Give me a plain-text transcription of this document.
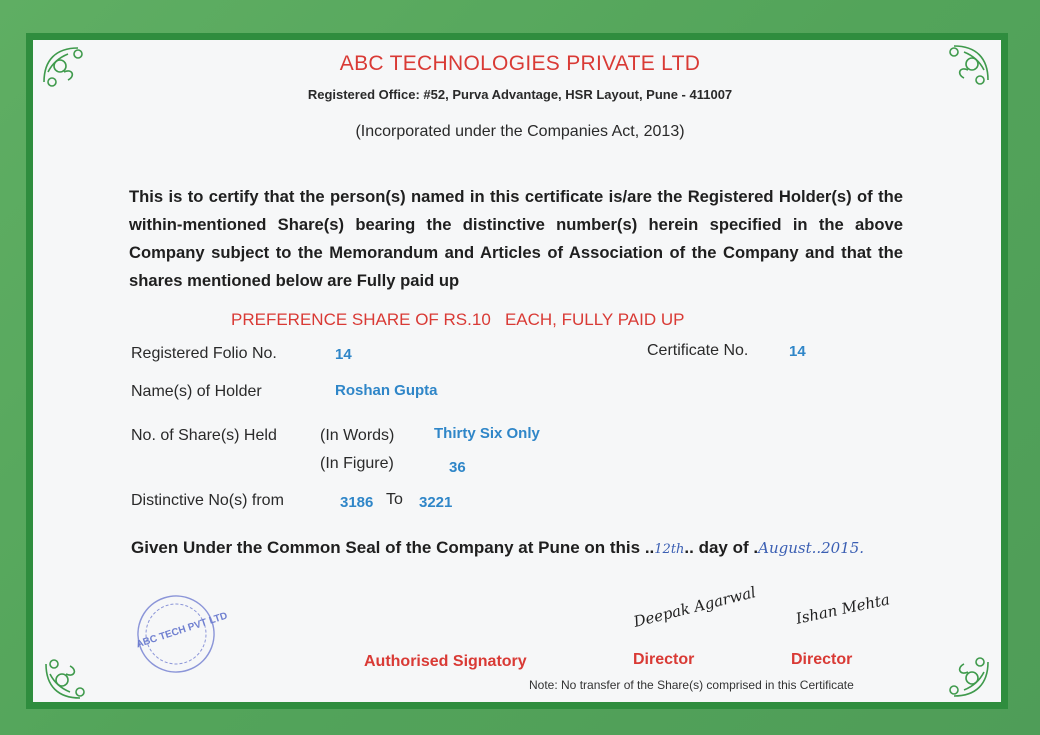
ABC TECHNOLOGIES PRIVATE LTD
Registered Office: #52, Purva Advantage, HSR Layout, Pune - 411007
(Incorporated under the Companies Act, 2013)
This is to certify that the person(s) named in this certificate is/are the Registered Holder(s) of the within-mentioned Share(s) bearing the distinctive number(s) herein specified in the above Company subject to the Memorandum and Articles of Association of the Company and that the shares mentioned below are Fully paid up
PREFERENCE SHARE OF RS.10   EACH, FULLY PAID UP
Registered Folio No.	14	Certificate No.	14
Name(s) of Holder	Roshan Gupta
No. of Share(s) Held	(In Words)	Thirty Six Only
(In Figure)	36
Distinctive No(s) from	3186 To 3221
Given Under the Common Seal of the Company at Pune on this ..12th.. day of .August..2015.
ABC TECH PVT LTD	Deepak Agarwal Ishan Mehta
Authorised Signatory	Director	Director
Note: No transfer of the Share(s) comprised in this Certificate
